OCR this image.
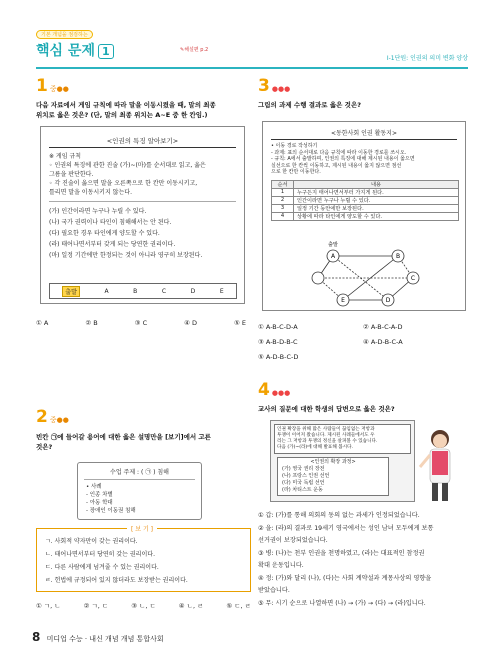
기본 개념을 점검하는
핵심 문제 1	✎해설편 p.2
Ⅰ-1단원: 인권의 의미 변화 양상
1 중●●
다음 자료에서 게임 규칙에 따라 말을 이동시켰을 때, 말의 최종
위치로 옳은 것은? (단, 말의 최종 위치는 A~E 중 한 칸임.)
<인권의 특징 알아보기>
※ 게임 규칙
◦ 인권의 특징에 관한 진술 (가)~(마)를 순서대로 읽고, 옳은
그름을 판단한다.
◦ 각 진술이 옳으면 말을 오른쪽으로 한 칸만 이동시키고,
틀리면 말을 이동시키지 않는다.
(가) 인간이라면 누구나 누릴 수 있다.
(나) 국가 권력이나 타인이 침해해서는 안 된다.
(다) 필요한 경우 타인에게 양도할 수 있다.
(라) 태어나면서부터 갖게 되는 당연한 권리이다.
(마) 일정 기간에만 한정되는 것이 아니라 영구히 보장된다.
출발	A	B	C	D	E
① A	② B	③ C	④ D	⑤ E
2 중●●
빈칸 ㉠에 들어갈 용어에 대한 옳은 설명만을 [보기]에서 고른
것은?
수업 주제 : ( ㉠ ) 침해
• 사례
- 인종 차별
- 아동 학대
- 장애인 이동권 침해
[ 보 기 ]
ㄱ. 사회적 약자만이 갖는 권리이다.
ㄴ. 태어나면서부터 당연히 갖는 권리이다.
ㄷ. 다른 사람에게 넘겨줄 수 있는 권리이다.
ㄹ. 헌법에 규정되어 있지 않더라도 보장받는 권리이다.
① ㄱ, ㄴ	② ㄱ, ㄷ	③ ㄴ, ㄷ	④ ㄴ, ㄹ	⑤ ㄷ, ㄹ
3 ●●●
그림의 과제 수행 결과로 옳은 것은?
<동한사회 인권 활동지>
• 이동 경로 작성하기
- 과제: 표의 순서대로 다음 규칙에 따라 이동한 경로를 쓰시오.
- 규칙: A에서 출발하며, 인권의 특징에 대해 제시된 내용이 옳으면
실선으로 한 칸씩 이동하고, 제시된 내용이 옳지 않으면 점선
으로 한 칸만 이동한다.
순서	내용
1	누구든지 태어나면서부터 가지게 된다.
2	인간이라면 누구나 누릴 수 있다.
3	일정 기간 동안에만 보장된다.
4	상황에 따라 타인에게 양도할 수 있다.
출발
A	B
C
D
E
① A-B-C-D-A	② A-B-C-A-D
③ A-B-D-B-C	④ A-D-B-C-A
⑤ A-D-B-C-D
4 ●●●
교사의 질문에 대한 학생의 답변으로 옳은 것은?
인권 확장을 위해 많은 사람들이 끊임없는 저항과
투쟁이 이어져 왔습니다. 제시된 사례들에서도 우
리는 그 저항과 투쟁의 정신을 살펴볼 수 있습니다.
다음 (가)~(라)에 대해 발표해 봅시다.
<인권의 확장 과정>
(가) 영국 권리 장전
(나) 프랑스 인권 선언
(다) 미국 독립 선언
(라) 차티스트 운동
① 갑: (가)를 통해 의회의 동의 없는 과세가 인정되었습니다.
② 을: (라)의 결과로 19세기 영국에서는 성인 남녀 모두에게 보통
선거권이 보장되었습니다.
③ 병: (나)는 천부 인권을 천명하였고, (라)는 대표적인 참정권
확대 운동입니다.
④ 정: (가)와 달리 (나), (다)는 사회 계약설과 계몽사상의 영향을
받았습니다.
⑤ 무: 시기 순으로 나열하면 (나) → (가) → (다) → (라)입니다.
8 미디업 수능 · 내신 개념 개념 통합사회
